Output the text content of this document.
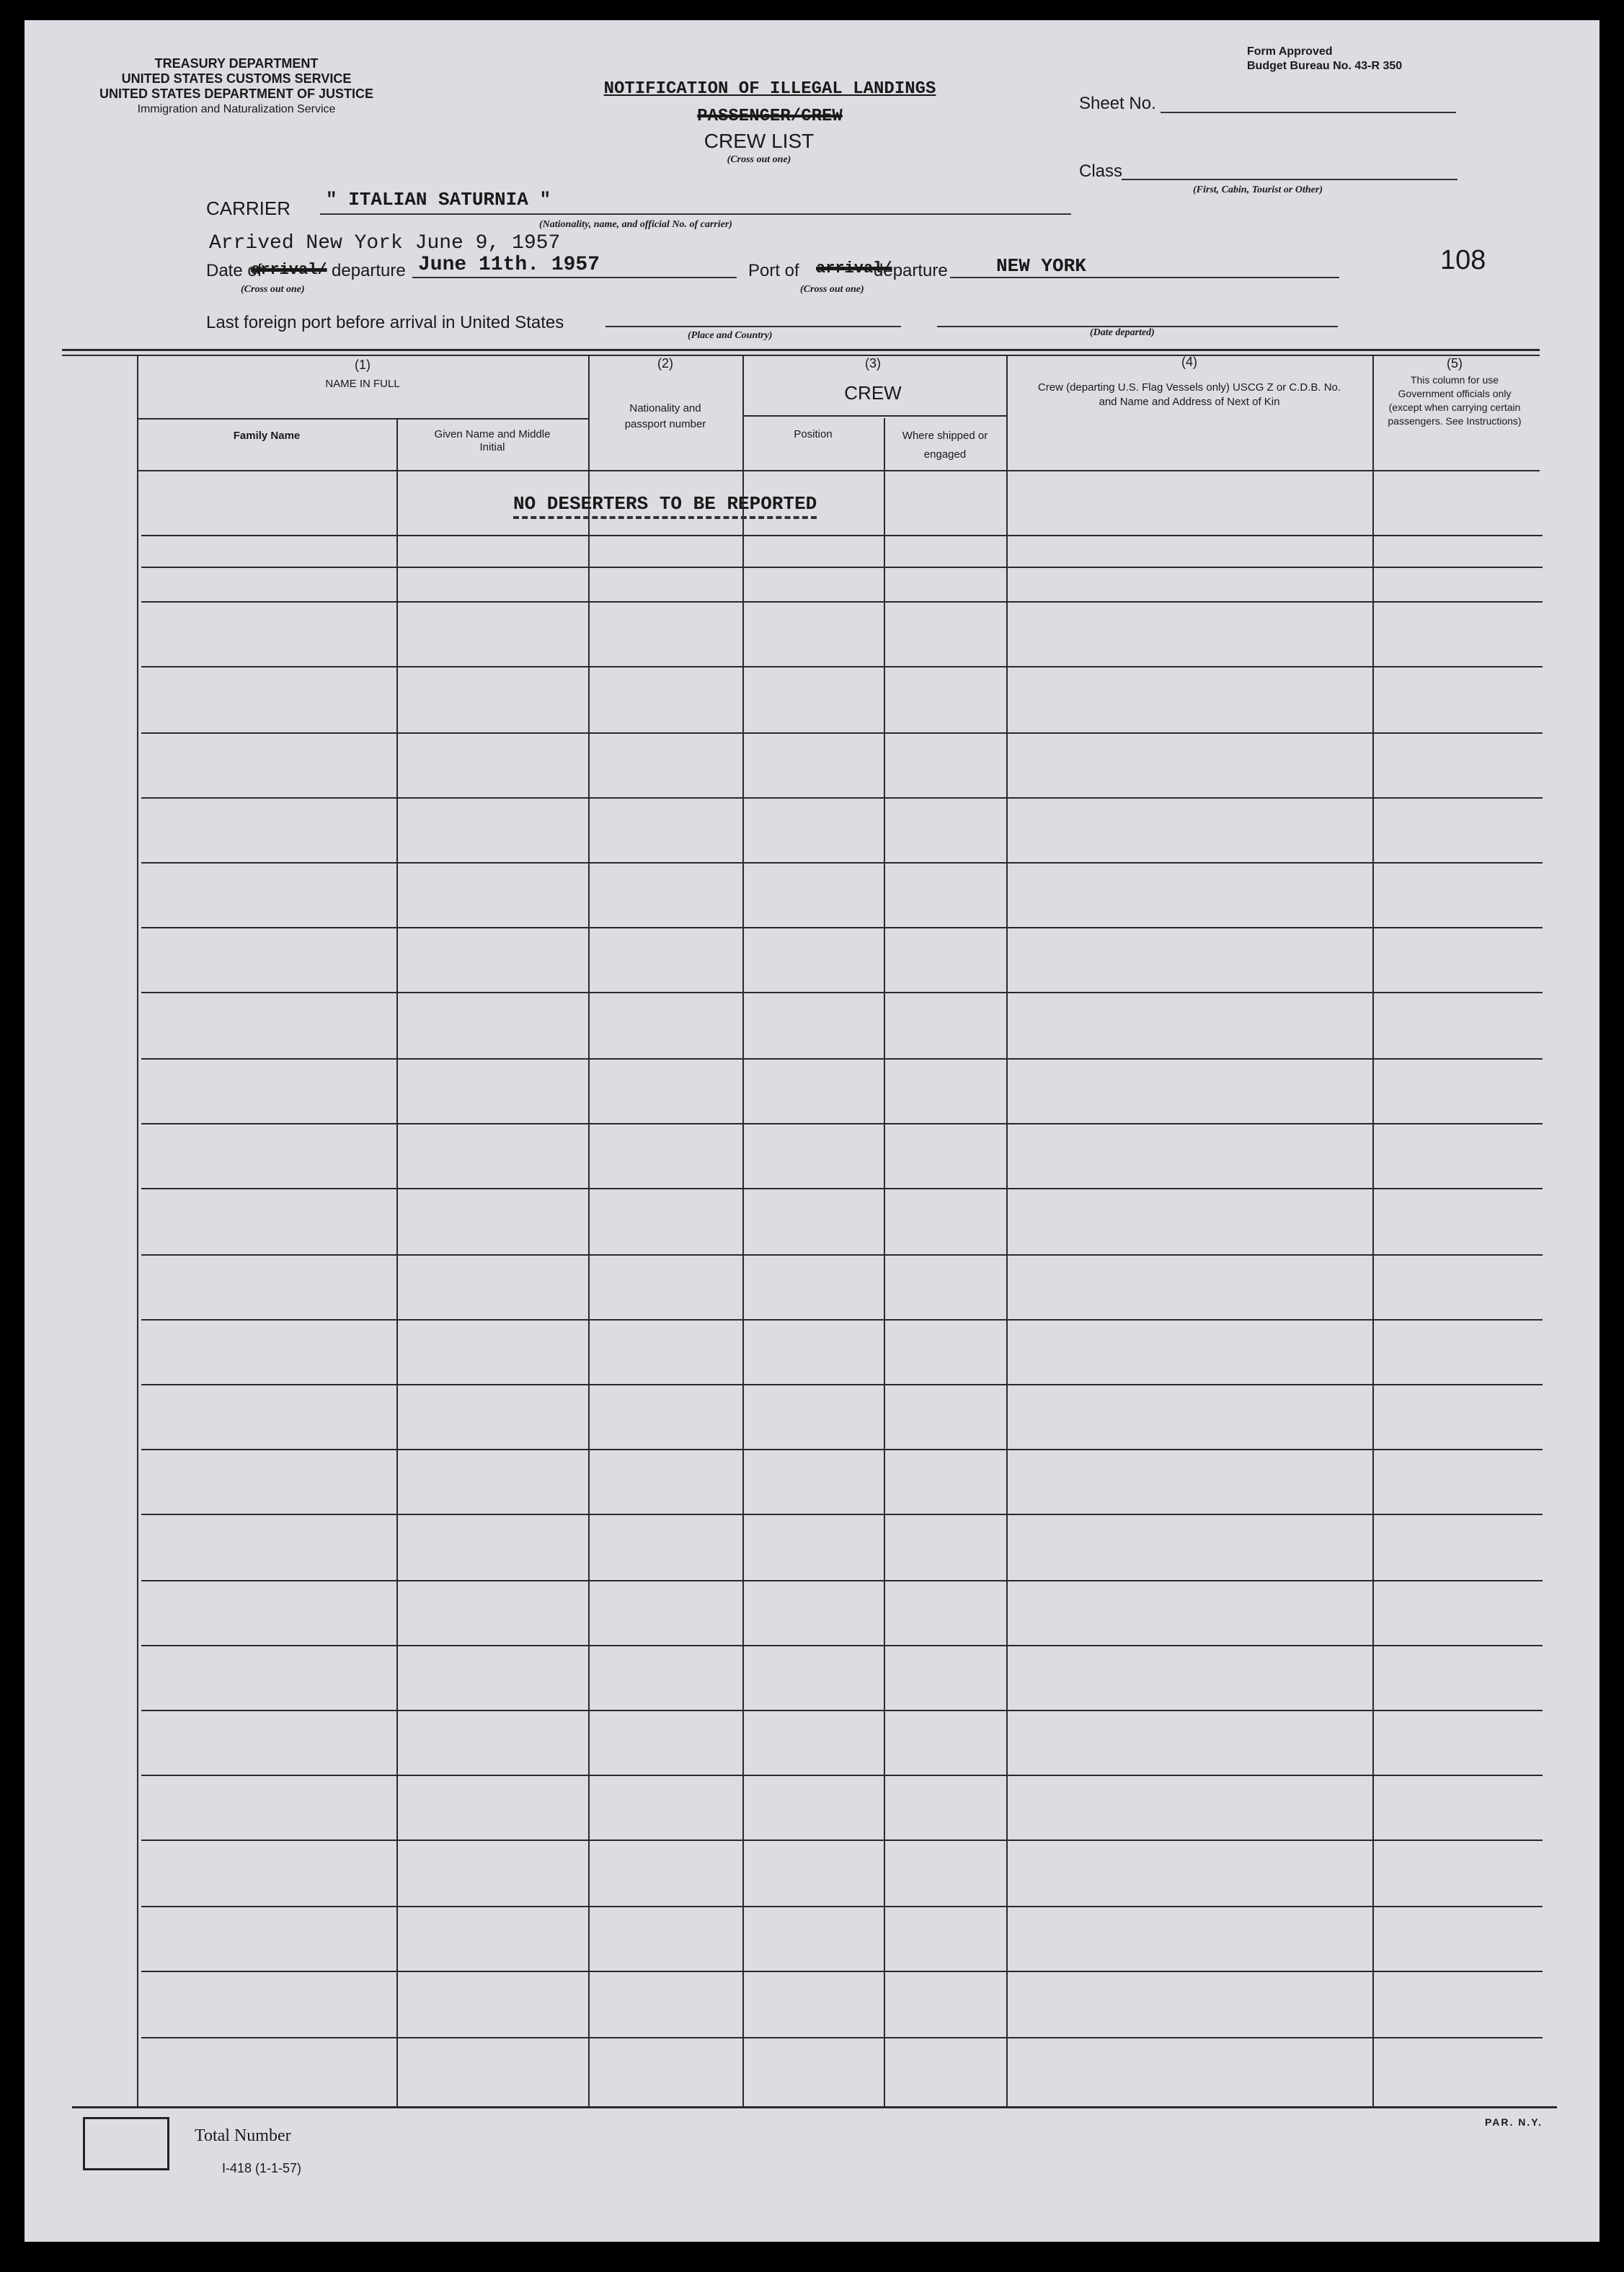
TREASURY DEPARTMENT
UNITED STATES CUSTOMS SERVICE
UNITED STATES DEPARTMENT OF JUSTICE
Immigration and Naturalization Service
Form Approved
Budget Bureau No. 43-R 350
NOTIFICATION OF ILLEGAL LANDINGS
PASSENGER/CREW
CREW LIST
(Cross out one)
Sheet No.
Class
(First, Cabin, Tourist or Other)
CARRIER " ITALIAN SATURNIA "
(Nationality, name, and official No. of carrier)
Arrived New York June 9, 1957
Date of
arrival/ departure June 11th. 1957
(Cross out one)
Port of arrival/
departure	NEW YORK
(Cross out one)
108
Last foreign port before arrival in United States
(Place and Country)	(Date departed)
(1)
NAME IN FULL
Family Name	Given Name and Middle Initial
(2)
Nationality and passport number
(3)
CREW
Position	Where shipped or engaged
(4)
Crew (departing U.S. Flag Vessels only) USCG Z or C.D.B. No. and Name and Address of Next of Kin
(5)
This column for use Government officials only (except when carrying certain passengers. See Instructions)
NO DESERTERS TO BE REPORTED
Total Number
I-418 (1-1-57)
PAR. N.Y.
